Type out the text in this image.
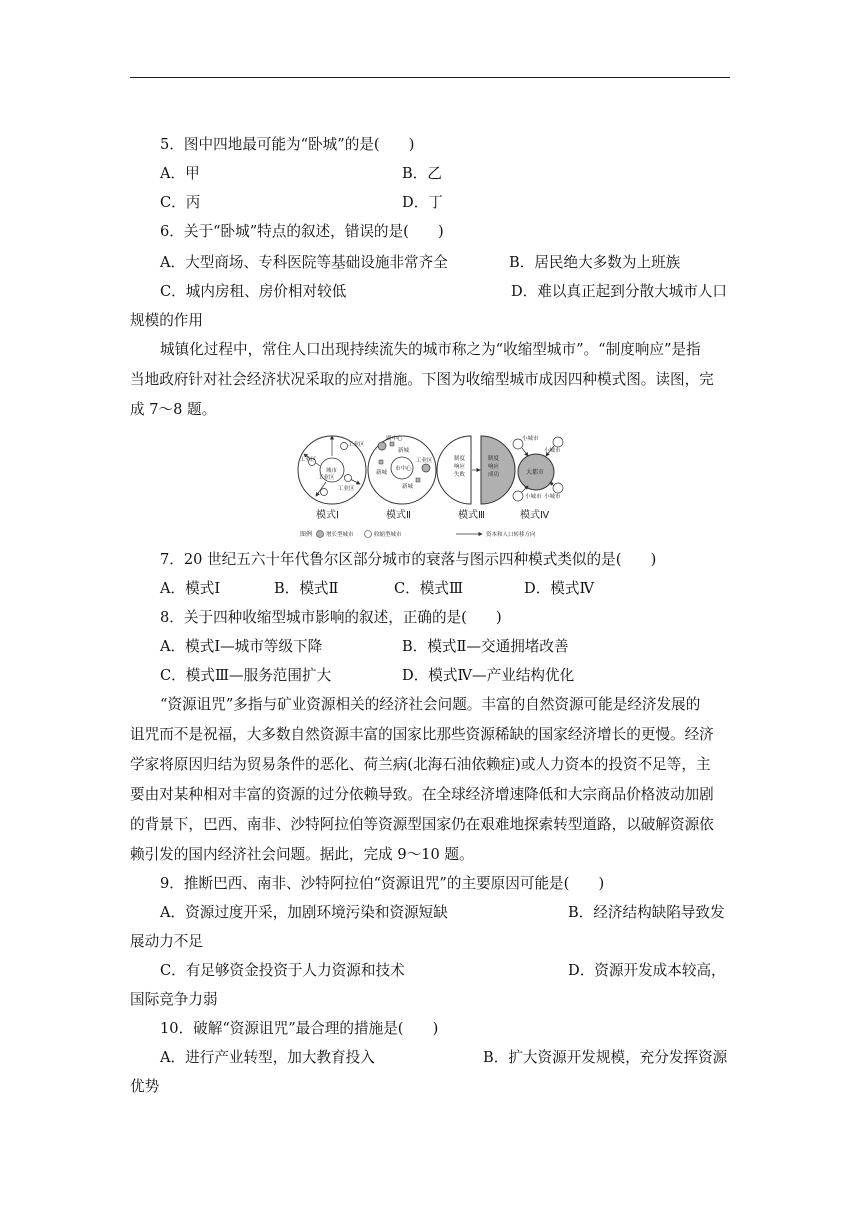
5．图中四地最可能为“卧城”的是(　　)
A．甲	B．乙
C．丙	D．丁
6．关于“卧城”特点的叙述，错误的是(　　)
A．大型商场、专科医院等基础设施非常齐全	B．居民绝大多数为上班族
C．城内房租、房价相对较低	D．难以真正起到分散大城市人口
规模的作用
城镇化过程中，常住人口出现持续流失的城市称之为“收缩型城市”。“制度响应”是指
当地政府针对社会经济状况采取的应对措施。下图为收缩型城市成因四种模式图。读图，完
成 7～8 题。
工业区
工业区
城市
工业区
工业区
模式Ⅰ
副中心
新城
市中心
工业区
新城
新城
模式Ⅱ
制度
响应
失败
制度
响应
成功
模式Ⅲ
大都市
小城市
小城市
小城市 小城市
模式Ⅳ
图例	增长型城市	收缩型城市	资本和人口转移方向
7．20 世纪五六十年代鲁尔区部分城市的衰落与图示四种模式类似的是(　　)
A．模式Ⅰ	B．模式Ⅱ	C．模式Ⅲ	D．模式Ⅳ
8．关于四种收缩型城市影响的叙述，正确的是(　　)
A．模式Ⅰ—城市等级下降	B．模式Ⅱ—交通拥堵改善
C．模式Ⅲ—服务范围扩大	D．模式Ⅳ—产业结构优化
“资源诅咒”多指与矿业资源相关的经济社会问题。丰富的自然资源可能是经济发展的
诅咒而不是祝福，大多数自然资源丰富的国家比那些资源稀缺的国家经济增长的更慢。经济
学家将原因归结为贸易条件的恶化、荷兰病(北海石油依赖症)或人力资本的投资不足等，主
要由对某种相对丰富的资源的过分依赖导致。在全球经济增速降低和大宗商品价格波动加剧
的背景下，巴西、南非、沙特阿拉伯等资源型国家仍在艰难地探索转型道路，以破解资源依
赖引发的国内经济社会问题。据此，完成 9～10 题。
9．推断巴西、南非、沙特阿拉伯“资源诅咒”的主要原因可能是(　　)
A．资源过度开采，加剧环境污染和资源短缺	B．经济结构缺陷导致发
展动力不足
C．有足够资金投资于人力资源和技术	D．资源开发成本较高，
国际竞争力弱
10．破解“资源诅咒”最合理的措施是(　　)
A．进行产业转型，加大教育投入	B．扩大资源开发规模，充分发挥资源
优势
